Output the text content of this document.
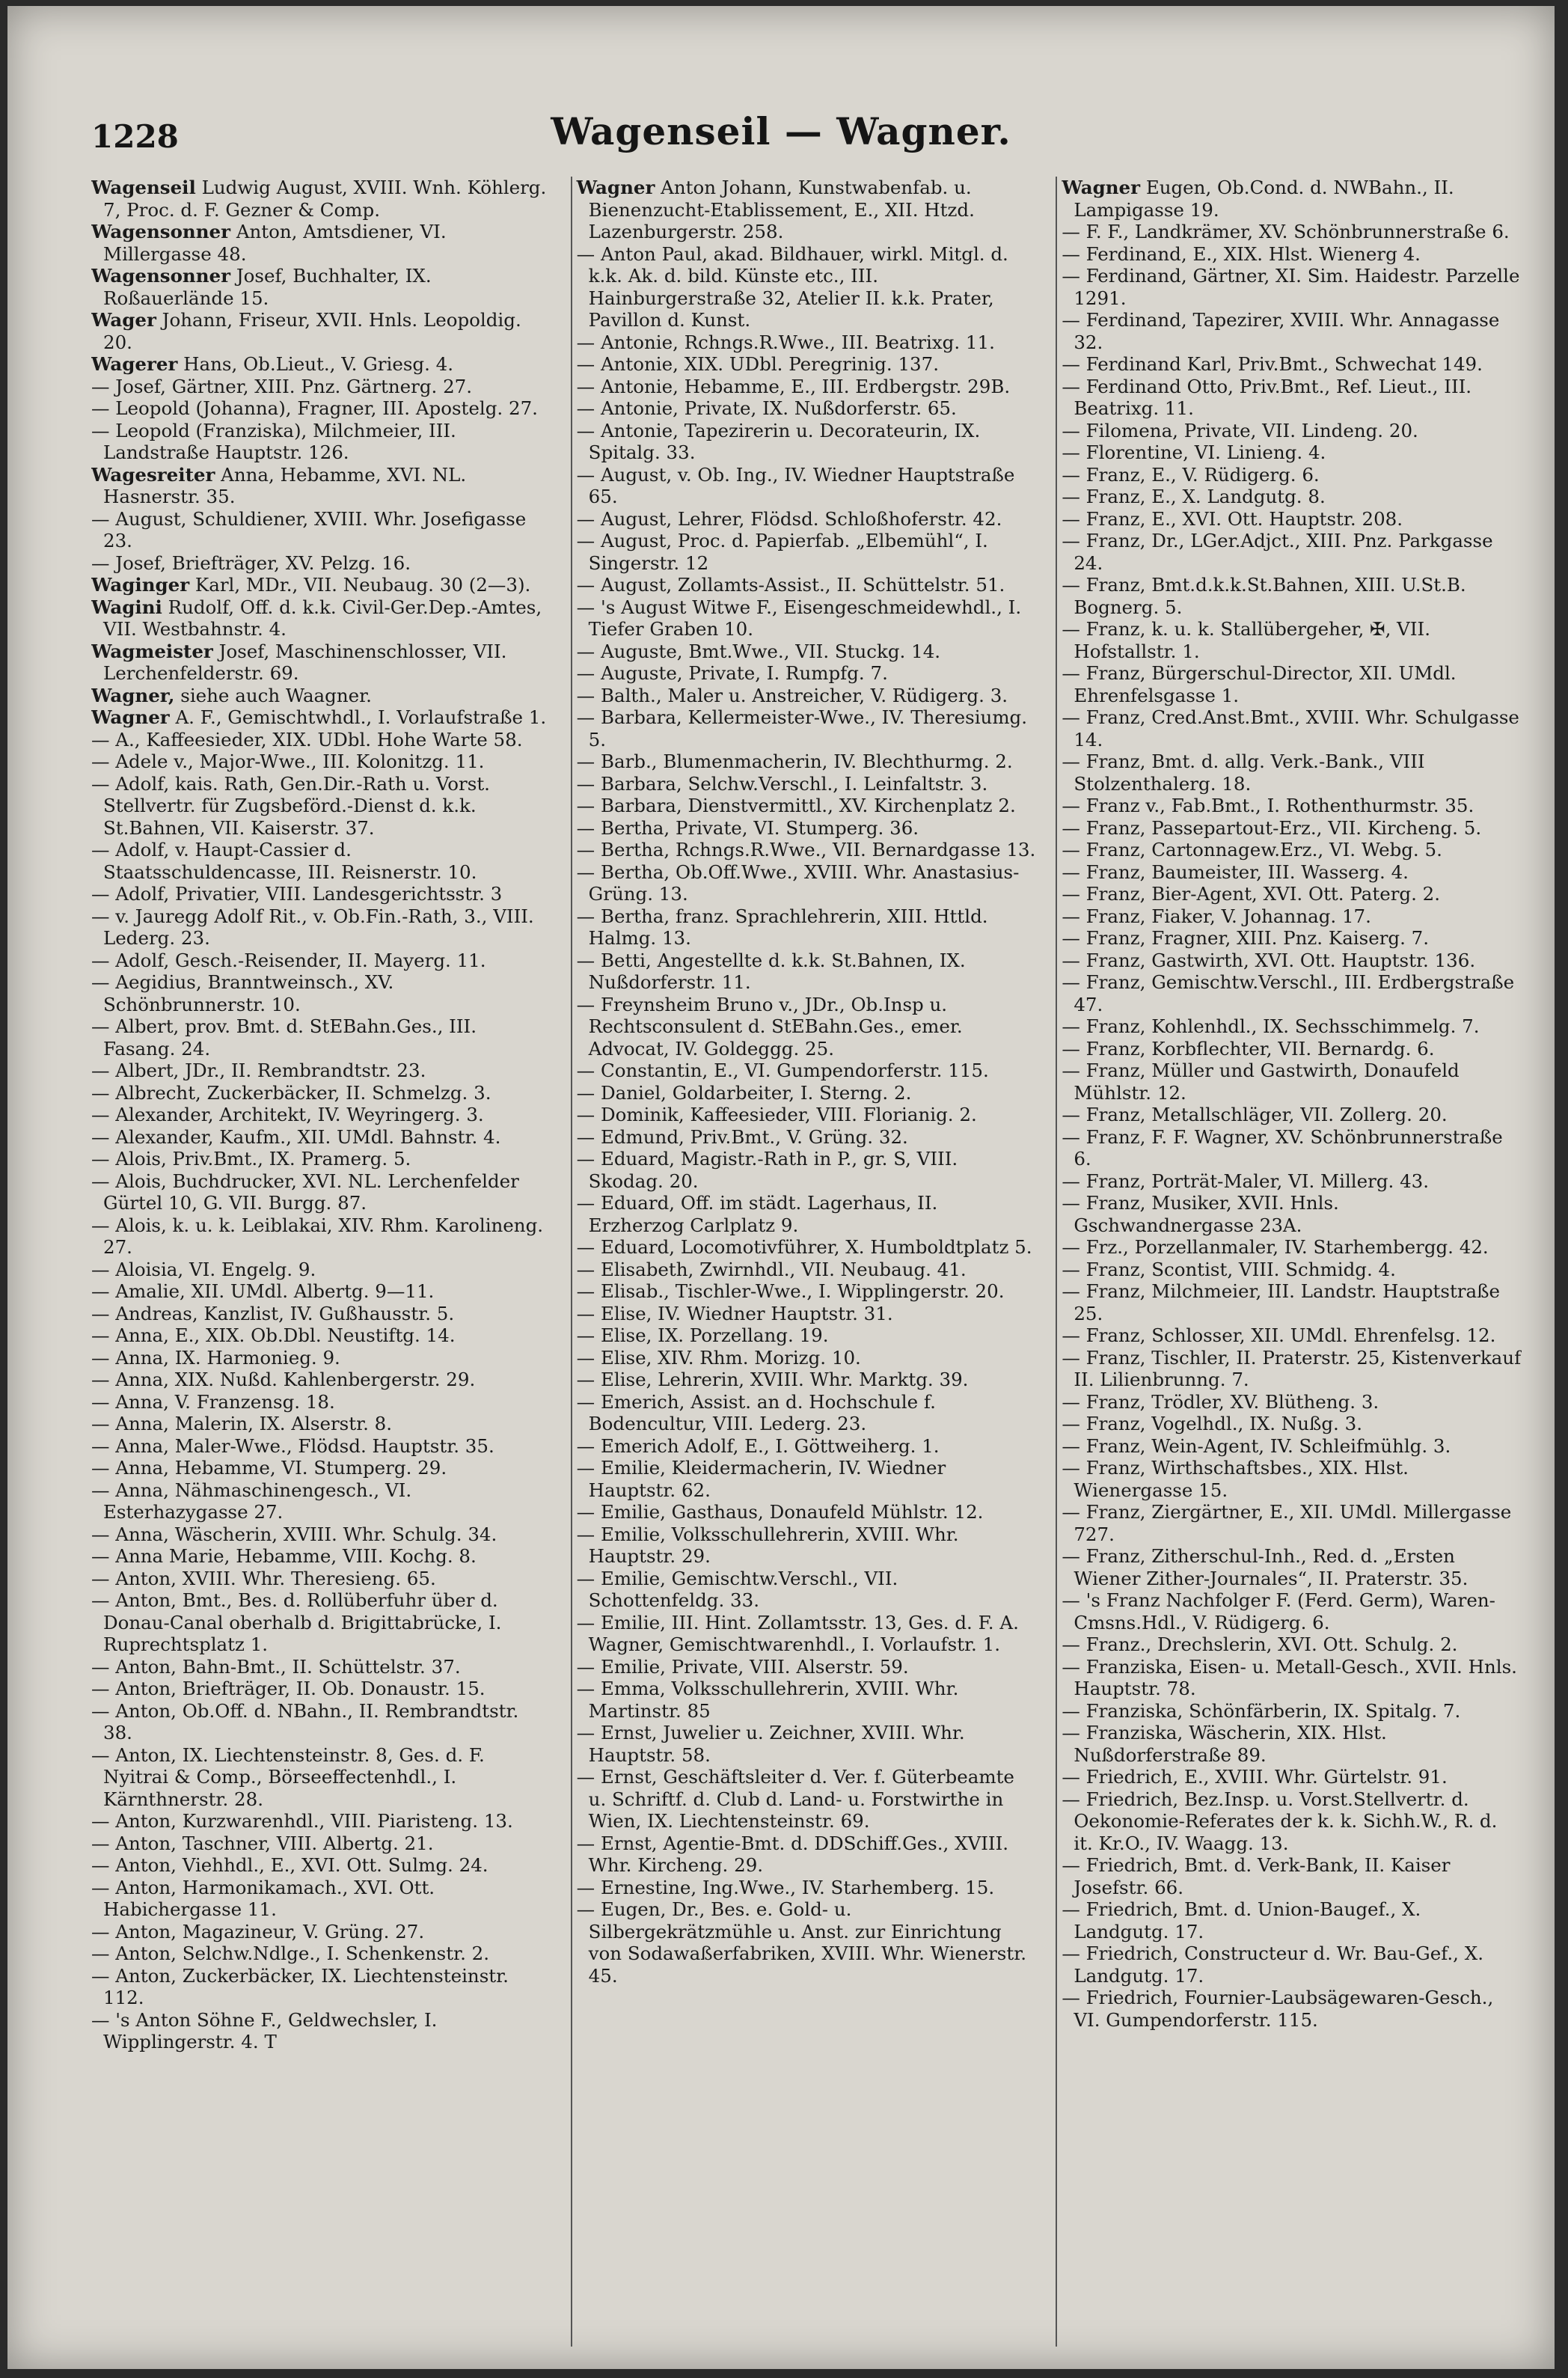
1228	Wagenseil — Wagner.

Wagenseil Ludwig August, XVIII. Wnh. Köhlerg. 7, Proc. d. F. Gezner & Comp.

Wagensonner Anton, Amtsdiener, VI. Millergasse 48.

Wagensonner Josef, Buchhalter, IX. Roßauerlände 15.

Wager Johann, Friseur, XVII. Hnls. Leopoldig. 20.

Wagerer Hans, Ob.Lieut., V. Griesg. 4.

— Josef, Gärtner, XIII. Pnz. Gärtnerg. 27.

— Leopold (Johanna), Fragner, III. Apostelg. 27.

— Leopold (Franziska), Milchmeier, III. Landstraße Hauptstr. 126.

Wagesreiter Anna, Hebamme, XVI. NL. Hasnerstr. 35.

— August, Schuldiener, XVIII. Whr. Josefigasse 23.

— Josef, Briefträger, XV. Pelzg. 16.

Waginger Karl, MDr., VII. Neubaug. 30 (2—3).

Wagini Rudolf, Off. d. k.k. Civil-Ger.Dep.-Amtes, VII. Westbahnstr. 4.

Wagmeister Josef, Maschinenschlosser, VII. Lerchenfelderstr. 69.

Wagner, siehe auch Waagner.

Wagner A. F., Gemischtwhdl., I. Vorlaufstraße 1.

— A., Kaffeesieder, XIX. UDbl. Hohe Warte 58.

— Adele v., Major-Wwe., III. Kolonitzg. 11.

— Adolf, kais. Rath, Gen.Dir.-Rath u. Vorst. Stellvertr. für Zugsbeförd.-Dienst d. k.k. St.Bahnen, VII. Kaiserstr. 37.

— Adolf, v. Haupt-Cassier d. Staatsschuldencasse, III. Reisnerstr. 10.

— Adolf, Privatier, VIII. Landesgerichtsstr. 3

— v. Jauregg Adolf Rit., v. Ob.Fin.-Rath, 3., VIII. Lederg. 23.

— Adolf, Gesch.-Reisender, II. Mayerg. 11.

— Aegidius, Branntweinsch., XV. Schönbrunnerstr. 10.

— Albert, prov. Bmt. d. StEBahn.Ges., III. Fasang. 24.

— Albert, JDr., II. Rembrandtstr. 23.

— Albrecht, Zuckerbäcker, II. Schmelzg. 3.

— Alexander, Architekt, IV. Weyringerg. 3.

— Alexander, Kaufm., XII. UMdl. Bahnstr. 4.

— Alois, Priv.Bmt., IX. Pramerg. 5.

— Alois, Buchdrucker, XVI. NL. Lerchenfelder Gürtel 10, G. VII. Burgg. 87.

— Alois, k. u. k. Leiblakai, XIV. Rhm. Karolineng. 27.

— Aloisia, VI. Engelg. 9.

— Amalie, XII. UMdl. Albertg. 9—11.

— Andreas, Kanzlist, IV. Gußhausstr. 5.

— Anna, E., XIX. Ob.Dbl. Neustiftg. 14.

— Anna, IX. Harmonieg. 9.

— Anna, XIX. Nußd. Kahlenbergerstr. 29.

— Anna, V. Franzensg. 18.

— Anna, Malerin, IX. Alserstr. 8.

— Anna, Maler-Wwe., Flödsd. Hauptstr. 35.

— Anna, Hebamme, VI. Stumperg. 29.

— Anna, Nähmaschinengesch., VI. Esterhazygasse 27.

— Anna, Wäscherin, XVIII. Whr. Schulg. 34.

— Anna Marie, Hebamme, VIII. Kochg. 8.

— Anton, XVIII. Whr. Theresieng. 65.

— Anton, Bmt., Bes. d. Rollüberfuhr über d. Donau-Canal oberhalb d. Brigittabrücke, I. Ruprechtsplatz 1.

— Anton, Bahn-Bmt., II. Schüttelstr. 37.

— Anton, Briefträger, II. Ob. Donaustr. 15.

— Anton, Ob.Off. d. NBahn., II. Rembrandtstr. 38.

— Anton, IX. Liechtensteinstr. 8, Ges. d. F. Nyitrai & Comp., Börseeffectenhdl., I. Kärnthnerstr. 28.

— Anton, Kurzwarenhdl., VIII. Piaristeng. 13.

— Anton, Taschner, VIII. Albertg. 21.

— Anton, Viehhdl., E., XVI. Ott. Sulmg. 24.

— Anton, Harmonikamach., XVI. Ott. Habichergasse 11.

— Anton, Magazineur, V. Grüng. 27.

— Anton, Selchw.Ndlge., I. Schenkenstr. 2.

— Anton, Zuckerbäcker, IX. Liechtensteinstr. 112.

— 's Anton Söhne F., Geldwechsler, I. Wipplingerstr. 4. T

Wagner Anton Johann, Kunstwabenfab. u. Bienenzucht-Etablissement, E., XII. Htzd. Lazenburgerstr. 258.

— Anton Paul, akad. Bildhauer, wirkl. Mitgl. d. k.k. Ak. d. bild. Künste etc., III. Hainburgerstraße 32, Atelier II. k.k. Prater, Pavillon d. Kunst.

— Antonie, Rchngs.R.Wwe., III. Beatrixg. 11.

— Antonie, XIX. UDbl. Peregrinig. 137.

— Antonie, Hebamme, E., III. Erdbergstr. 29B.

— Antonie, Private, IX. Nußdorferstr. 65.

— Antonie, Tapezirerin u. Decorateurin, IX. Spitalg. 33.

— August, v. Ob. Ing., IV. Wiedner Hauptstraße 65.

— August, Lehrer, Flödsd. Schloßhoferstr. 42.

— August, Proc. d. Papierfab. „Elbemühl“, I. Singerstr. 12

— August, Zollamts-Assist., II. Schüttelstr. 51.

— 's August Witwe F., Eisengeschmeidewhdl., I. Tiefer Graben 10.

— Auguste, Bmt.Wwe., VII. Stuckg. 14.

— Auguste, Private, I. Rumpfg. 7.

— Balth., Maler u. Anstreicher, V. Rüdigerg. 3.

— Barbara, Kellermeister-Wwe., IV. Theresiumg. 5.

— Barb., Blumenmacherin, IV. Blechthurmg. 2.

— Barbara, Selchw.Verschl., I. Leinfaltstr. 3.

— Barbara, Dienstvermittl., XV. Kirchenplatz 2.

— Bertha, Private, VI. Stumperg. 36.

— Bertha, Rchngs.R.Wwe., VII. Bernardgasse 13.

— Bertha, Ob.Off.Wwe., XVIII. Whr. Anastasius-Grüng. 13.

— Bertha, franz. Sprachlehrerin, XIII. Httld. Halmg. 13.

— Betti, Angestellte d. k.k. St.Bahnen, IX. Nußdorferstr. 11.

— Freynsheim Bruno v., JDr., Ob.Insp u. Rechtsconsulent d. StEBahn.Ges., emer. Advocat, IV. Goldeggg. 25.

— Constantin, E., VI. Gumpendorferstr. 115.

— Daniel, Goldarbeiter, I. Sterng. 2.

— Dominik, Kaffeesieder, VIII. Florianig. 2.

— Edmund, Priv.Bmt., V. Grüng. 32.

— Eduard, Magistr.-Rath in P., gr. S, VIII. Skodag. 20.

— Eduard, Off. im städt. Lagerhaus, II. Erzherzog Carlplatz 9.

— Eduard, Locomotivführer, X. Humboldtplatz 5.

— Elisabeth, Zwirnhdl., VII. Neubaug. 41.

— Elisab., Tischler-Wwe., I. Wipplingerstr. 20.

— Elise, IV. Wiedner Hauptstr. 31.

— Elise, IX. Porzellang. 19.

— Elise, XIV. Rhm. Morizg. 10.

— Elise, Lehrerin, XVIII. Whr. Marktg. 39.

— Emerich, Assist. an d. Hochschule f. Bodencultur, VIII. Lederg. 23.

— Emerich Adolf, E., I. Göttweiherg. 1.

— Emilie, Kleidermacherin, IV. Wiedner Hauptstr. 62.

— Emilie, Gasthaus, Donaufeld Mühlstr. 12.

— Emilie, Volksschullehrerin, XVIII. Whr. Hauptstr. 29.

— Emilie, Gemischtw.Verschl., VII. Schottenfeldg. 33.

— Emilie, III. Hint. Zollamtsstr. 13, Ges. d. F. A. Wagner, Gemischtwarenhdl., I. Vorlaufstr. 1.

— Emilie, Private, VIII. Alserstr. 59.

— Emma, Volksschullehrerin, XVIII. Whr. Martinstr. 85

— Ernst, Juwelier u. Zeichner, XVIII. Whr. Hauptstr. 58.

— Ernst, Geschäftsleiter d. Ver. f. Güterbeamte u. Schriftf. d. Club d. Land- u. Forstwirthe in Wien, IX. Liechtensteinstr. 69.

— Ernst, Agentie-Bmt. d. DDSchiff.Ges., XVIII. Whr. Kircheng. 29.

— Ernestine, Ing.Wwe., IV. Starhemberg. 15.

— Eugen, Dr., Bes. e. Gold- u. Silbergekrätzmühle u. Anst. zur Einrichtung von Sodawaßerfabriken, XVIII. Whr. Wienerstr. 45.

Wagner Eugen, Ob.Cond. d. NWBahn., II. Lampigasse 19.

— F. F., Landkrämer, XV. Schönbrunnerstraße 6.

— Ferdinand, E., XIX. Hlst. Wienerg 4.

— Ferdinand, Gärtner, XI. Sim. Haidestr. Parzelle 1291.

— Ferdinand, Tapezirer, XVIII. Whr. Annagasse 32.

— Ferdinand Karl, Priv.Bmt., Schwechat 149.

— Ferdinand Otto, Priv.Bmt., Ref. Lieut., III. Beatrixg. 11.

— Filomena, Private, VII. Lindeng. 20.

— Florentine, VI. Linieng. 4.

— Franz, E., V. Rüdigerg. 6.

— Franz, E., X. Landgutg. 8.

— Franz, E., XVI. Ott. Hauptstr. 208.

— Franz, Dr., LGer.Adjct., XIII. Pnz. Parkgasse 24.

— Franz, Bmt.d.k.k.St.Bahnen, XIII. U.St.B. Bognerg. 5.

— Franz, k. u. k. Stallübergeher, ✠, VII. Hofstallstr. 1.

— Franz, Bürgerschul-Director, XII. UMdl. Ehrenfelsgasse 1.

— Franz, Cred.Anst.Bmt., XVIII. Whr. Schulgasse 14.

— Franz, Bmt. d. allg. Verk.-Bank., VIII Stolzenthalerg. 18.

— Franz v., Fab.Bmt., I. Rothenthurmstr. 35.

— Franz, Passepartout-Erz., VII. Kircheng. 5.

— Franz, Cartonnagew.Erz., VI. Webg. 5.

— Franz, Baumeister, III. Wasserg. 4.

— Franz, Bier-Agent, XVI. Ott. Paterg. 2.

— Franz, Fiaker, V. Johannag. 17.

— Franz, Fragner, XIII. Pnz. Kaiserg. 7.

— Franz, Gastwirth, XVI. Ott. Hauptstr. 136.

— Franz, Gemischtw.Verschl., III. Erdbergstraße 47.

— Franz, Kohlenhdl., IX. Sechsschimmelg. 7.

— Franz, Korbflechter, VII. Bernardg. 6.

— Franz, Müller und Gastwirth, Donaufeld Mühlstr. 12.

— Franz, Metallschläger, VII. Zollerg. 20.

— Franz, F. F. Wagner, XV. Schönbrunnerstraße 6.

— Franz, Porträt-Maler, VI. Millerg. 43.

— Franz, Musiker, XVII. Hnls. Gschwandnergasse 23A.

— Frz., Porzellanmaler, IV. Starhembergg. 42.

— Franz, Scontist, VIII. Schmidg. 4.

— Franz, Milchmeier, III. Landstr. Hauptstraße 25.

— Franz, Schlosser, XII. UMdl. Ehrenfelsg. 12.

— Franz, Tischler, II. Praterstr. 25, Kistenverkauf II. Lilienbrunng. 7.

— Franz, Trödler, XV. Blütheng. 3.

— Franz, Vogelhdl., IX. Nußg. 3.

— Franz, Wein-Agent, IV. Schleifmühlg. 3.

— Franz, Wirthschaftsbes., XIX. Hlst. Wienergasse 15.

— Franz, Ziergärtner, E., XII. UMdl. Millergasse 727.

— Franz, Zitherschul-Inh., Red. d. „Ersten Wiener Zither-Journales“, II. Praterstr. 35.

— 's Franz Nachfolger F. (Ferd. Germ), Waren-Cmsns.Hdl., V. Rüdigerg. 6.

— Franz., Drechslerin, XVI. Ott. Schulg. 2.

— Franziska, Eisen- u. Metall-Gesch., XVII. Hnls. Hauptstr. 78.

— Franziska, Schönfärberin, IX. Spitalg. 7.

— Franziska, Wäscherin, XIX. Hlst. Nußdorferstraße 89.

— Friedrich, E., XVIII. Whr. Gürtelstr. 91.

— Friedrich, Bez.Insp. u. Vorst.Stellvertr. d. Oekonomie-Referates der k. k. Sichh.W., R. d. it. Kr.O., IV. Waagg. 13.

— Friedrich, Bmt. d. Verk-Bank, II. Kaiser Josefstr. 66.

— Friedrich, Bmt. d. Union-Baugef., X. Landgutg. 17.

— Friedrich, Constructeur d. Wr. Bau-Gef., X. Landgutg. 17.

— Friedrich, Fournier-Laubsägewaren-Gesch., VI. Gumpendorferstr. 115.
